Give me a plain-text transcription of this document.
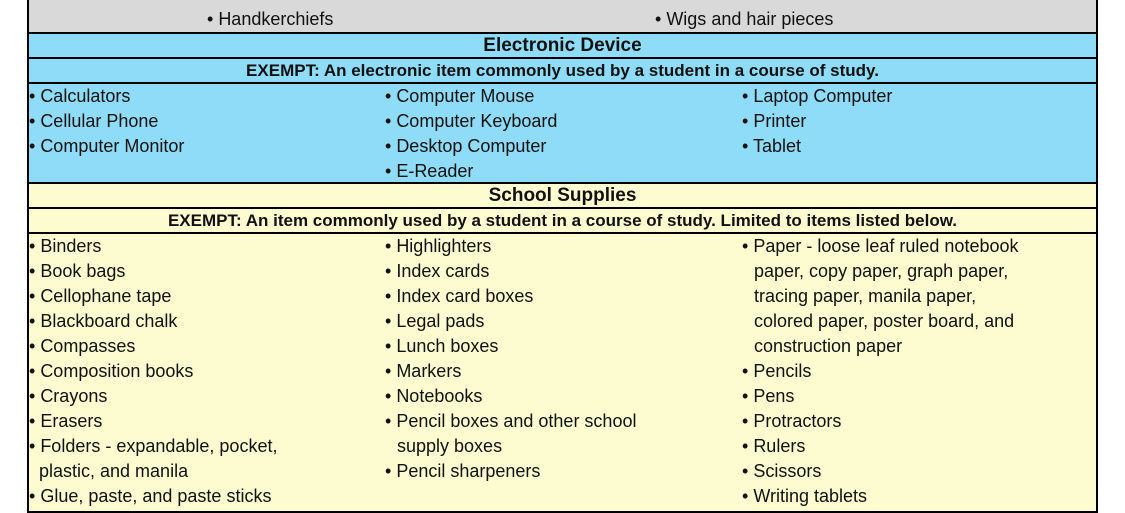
• Handkerchiefs	• Wigs and hair pieces
Electronic Device
EXEMPT: An electronic item commonly used by a student in a course of study.
• Calculators
• Cellular Phone
• Computer Monitor
• Computer Mouse
• Computer Keyboard
• Desktop Computer
• E-Reader
• Laptop Computer
• Printer
• Tablet
School Supplies
EXEMPT: An item commonly used by a student in a course of study. Limited to items listed below.
• Binders
• Book bags
• Cellophane tape
• Blackboard chalk
• Compasses
• Composition books
• Crayons
• Erasers
• Folders - expandable, pocket,
plastic, and manila
• Glue, paste, and paste sticks
• Highlighters
• Index cards
• Index card boxes
• Legal pads
• Lunch boxes
• Markers
• Notebooks
• Pencil boxes and other school
supply boxes
• Pencil sharpeners
• Paper - loose leaf ruled notebook
paper, copy paper, graph paper,
tracing paper, manila paper,
colored paper, poster board, and
construction paper
• Pencils
• Pens
• Protractors
• Rulers
• Scissors
• Writing tablets
